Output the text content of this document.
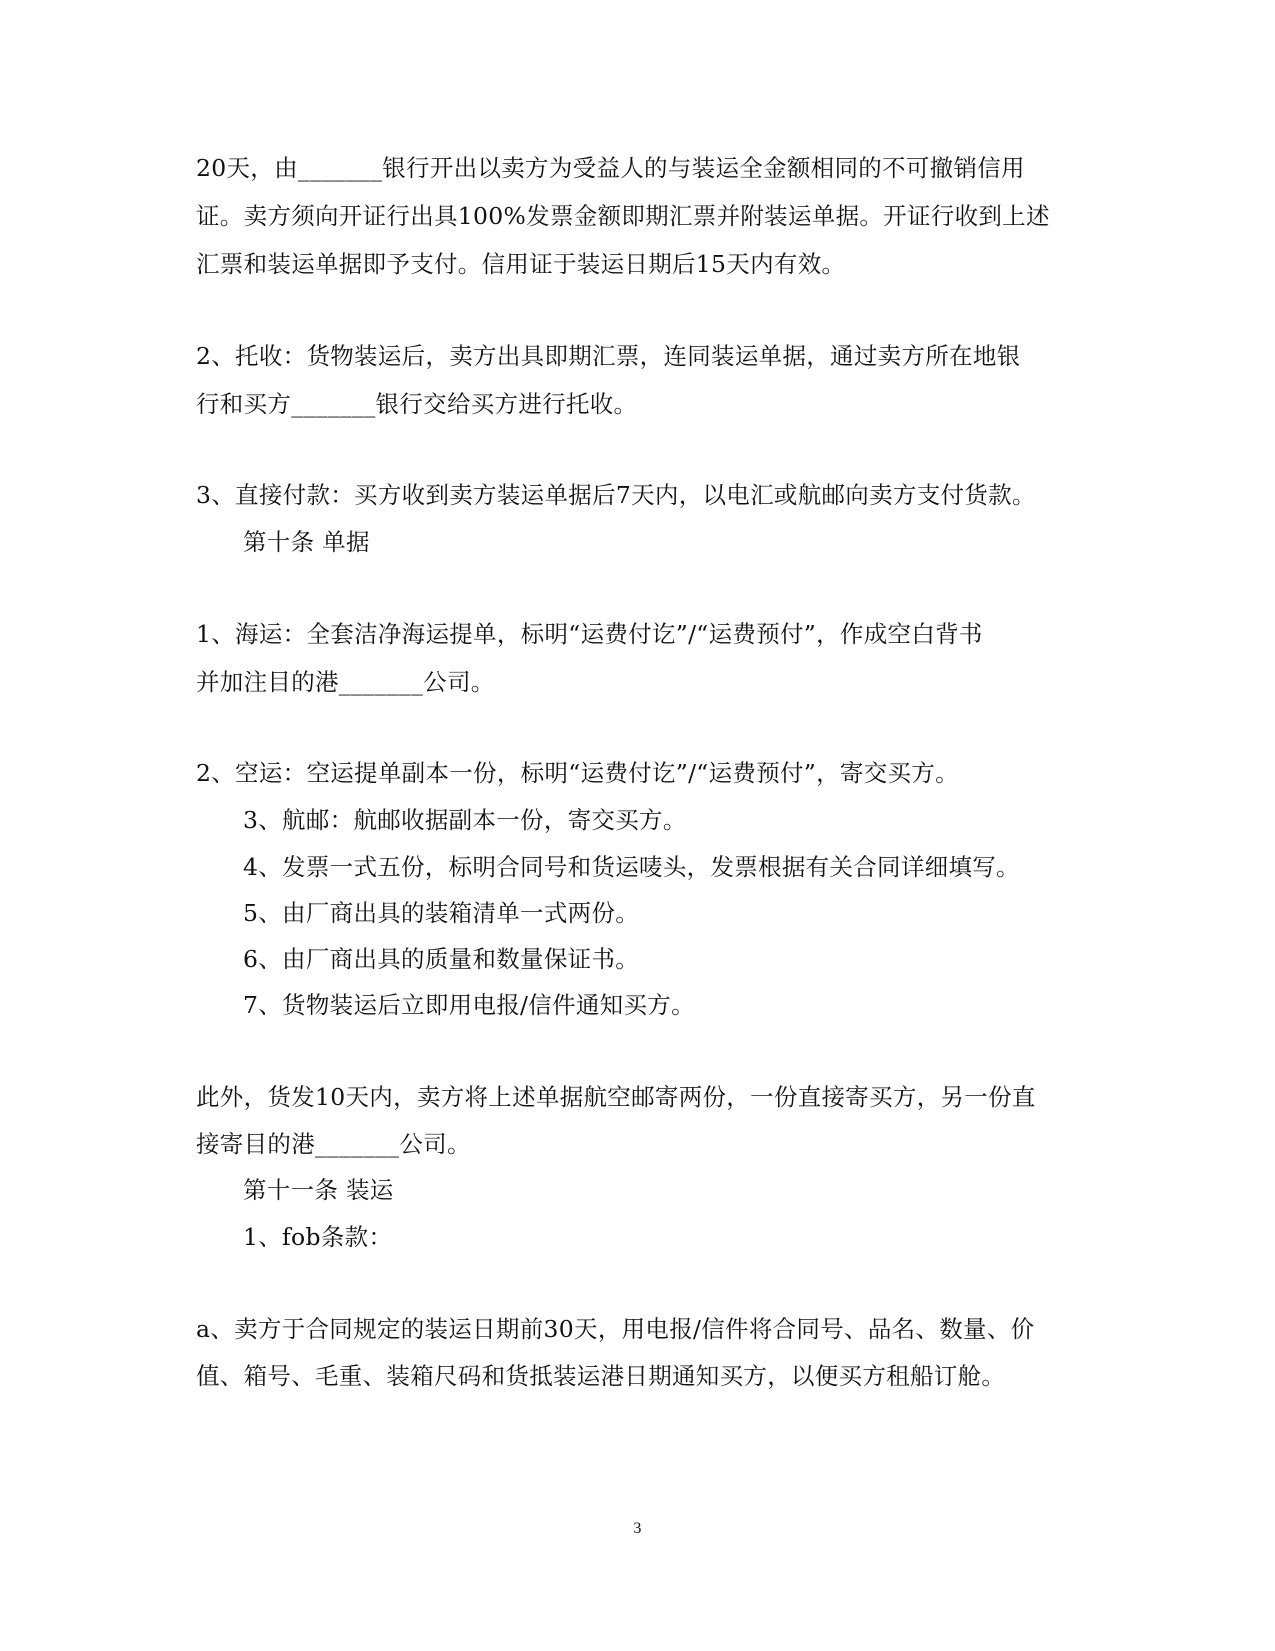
20天，由_______银行开出以卖方为受益人的与装运全金额相同的不可撤销信用
证。卖方须向开证行出具100%发票金额即期汇票并附装运单据。开证行收到上述
汇票和装运单据即予支付。信用证于装运日期后15天内有效。
2、托收：货物装运后，卖方出具即期汇票，连同装运单据，通过卖方所在地银
行和买方_______银行交给买方进行托收。
3、直接付款：买方收到卖方装运单据后7天内，以电汇或航邮向卖方支付货款。
第十条 单据
1、海运：全套洁净海运提单，标明“运费付讫”/“运费预付”，作成空白背书
并加注目的港_______公司。
2、空运：空运提单副本一份，标明“运费付讫”/“运费预付”，寄交买方。
3、航邮：航邮收据副本一份，寄交买方。
4、发票一式五份，标明合同号和货运唛头，发票根据有关合同详细填写。
5、由厂商出具的装箱清单一式两份。
6、由厂商出具的质量和数量保证书。
7、货物装运后立即用电报/信件通知买方。
此外，货发10天内，卖方将上述单据航空邮寄两份，一份直接寄买方，另一份直
接寄目的港_______公司。
第十一条 装运
1、fob条款：
a、卖方于合同规定的装运日期前30天，用电报/信件将合同号、品名、数量、价
值、箱号、毛重、装箱尺码和货抵装运港日期通知买方，以便买方租船订舱。
3
